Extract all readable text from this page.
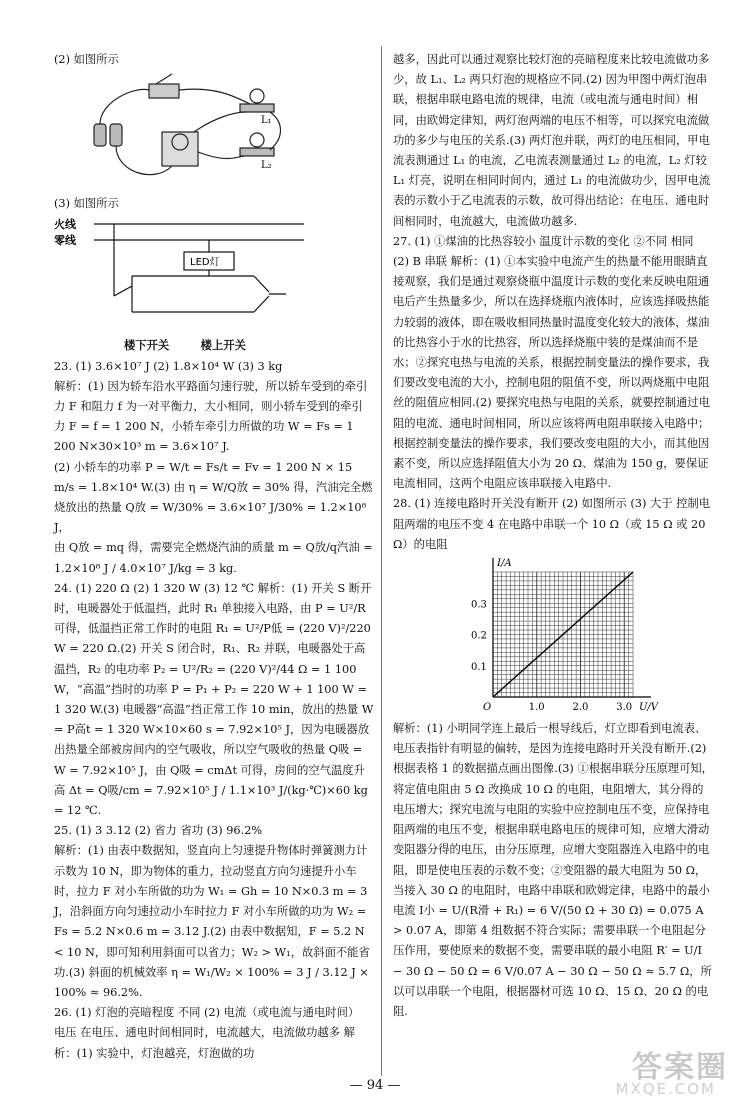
(2) 如图所示

L₁
L₂

(3) 如图所示

火线
零线
LED灯

楼下开关	楼上开关

23. (1) 3.6×10⁷ J (2) 1.8×10⁴ W (3) 3 kg

解析：(1) 因为轿车沿水平路面匀速行驶，所以轿车受到的牵引力 F 和阻力 f 为一对平衡力，大小相同，则小轿车受到的牵引力 F = f = 1 200 N，小轿车牵引力所做的功 W = Fs = 1 200 N×30×10³ m = 3.6×10⁷ J.

(2) 小轿车的功率 P = W/t = Fs/t = Fv = 1 200 N × 15 m/s = 1.8×10⁴ W.(3) 由 η = W/Q放 = 30% 得，汽油完全燃烧放出的热量 Q放 = W/30% = 3.6×10⁷ J/30% = 1.2×10⁸ J，

由 Q放 = mq 得，需要完全燃烧汽油的质量 m = Q放/q汽油 = 1.2×10⁸ J / 4.0×10⁷ J/kg = 3 kg.

24. (1) 220 Ω (2) 1 320 W (3) 12 ℃ 解析：(1) 开关 S 断开时，电暖器处于低温挡，此时 R₁ 单独接入电路，由 P = U²/R 可得，低温挡正常工作时的电阻 R₁ = U²/P低 = (220 V)²/220 W = 220 Ω.(2) 开关 S 闭合时，R₁、R₂ 并联，电暖器处于高温挡，R₂ 的电功率 P₂ = U²/R₂ = (220 V)²/44 Ω = 1 100 W，“高温”挡时的功率 P = P₁ + P₂ = 220 W + 1 100 W = 1 320 W.(3) 电暖器“高温”挡正常工作 10 min，放出的热量 W = P高t = 1 320 W×10×60 s = 7.92×10⁵ J，因为电暖器放出热量全部被房间内的空气吸收，所以空气吸收的热量 Q吸 = W = 7.92×10⁵ J，由 Q吸 = cmΔt 可得，房间的空气温度升高 Δt = Q吸/cm = 7.92×10⁵ J / 1.1×10³ J/(kg·℃)×60 kg = 12 ℃.

25. (1) 3 3.12 (2) 省力 省功 (3) 96.2%

解析：(1) 由表中数据知，竖直向上匀速提升物体时弹簧测力计示数为 10 N，即为物体的重力，拉动竖直方向匀速提升小车时，拉力 F 对小车所做的功为 W₁ = Gh = 10 N×0.3 m = 3 J，沿斜面方向匀速拉动小车时拉力 F 对小车所做的功为 W₂ = Fs = 5.2 N×0.6 m = 3.12 J.(2) 由表中数据知，F = 5.2 N < 10 N，即可知利用斜面可以省力；W₂ > W₁，故斜面不能省功.(3) 斜面的机械效率 η = W₁/W₂ × 100% = 3 J / 3.12 J × 100% ≈ 96.2%.

26. (1) 灯泡的亮暗程度 不同 (2) 电流（或电流与通电时间） 电压 在电压、通电时间相同时，电流越大，电流做功越多 解析：(1) 实验中，灯泡越亮，灯泡做的功

越多，因此可以通过观察比较灯泡的亮暗程度来比较电流做功多少，故 L₁、L₂ 两只灯泡的规格应不同.(2) 因为甲图中两灯泡串联，根据串联电路电流的规律，电流（或电流与通电时间）相同，由欧姆定律知，两灯泡两端的电压不相等，可以探究电流做功的多少与电压的关系.(3) 两灯泡并联，两灯的电压相同，甲电流表测通过 L₁ 的电流，乙电流表测量通过 L₂ 的电流，L₂ 灯较 L₁ 灯亮，说明在相同时间内，通过 L₁ 的电流做功少，因甲电流表的示数小于乙电流表的示数，故可得出结论：在电压、通电时间相同时，电流越大，电流做功越多.

27. (1) ①煤油的比热容较小 温度计示数的变化 ②不同 相同 (2) B 串联 解析：(1) ①本实验中电流产生的热量不能用眼睛直接观察，我们是通过观察烧瓶中温度计示数的变化来反映电阻通电后产生热量多少，所以在选择烧瓶内液体时，应该选择吸热能力较弱的液体，即在吸收相同热量时温度变化较大的液体，煤油的比热容小于水的比热容，所以选择烧瓶中装的是煤油而不是水；②探究电热与电流的关系，根据控制变量法的操作要求，我们要改变电流的大小，控制电阻的阻值不变，所以两烧瓶中电阻丝的阻值应相同.(2) 要探究电热与电阻的关系，就要控制通过电阻的电流、通电时间相同，所以应该将两电阻串联接入电路中；根据控制变量法的操作要求，我们要改变电阻的大小，而其他因素不变，所以应选择阻值大小为 20 Ω、煤油为 150 g，要保证电流相同，这两个电阻应该串联接入电路中.

28. (1) 连接电路时开关没有断开 (2) 如图所示 (3) 大于 控制电阻两端的电压不变 4 在电路中串联一个 10 Ω（或 15 Ω 或 20 Ω）的电阻

1.0	2.0	3.0
0.1
0.2
0.3
O	U/V
I/A

解析：(1) 小明同学连上最后一根导线后，灯立即看到电流表、电压表指针有明显的偏转，是因为连接电路时开关没有断开.(2) 根据表格 1 的数据描点画出图像.(3) ①根据串联分压原理可知，将定值电阻由 5 Ω 改换成 10 Ω 的电阻，电阻增大，其分得的电压增大；探究电流与电阻的实验中应控制电压不变，应保持电阻两端的电压不变，根据串联电路电压的规律可知，应增大滑动变阻器分得的电压，由分压原理，应增大变阻器连入电路中的电阻，即是使电压表的示数不变；②变阻器的最大电阻为 50 Ω，当接入 30 Ω 的电阻时，电路中串联和欧姆定律，电路中的最小电流 I小 = U/(R滑 + R₁) = 6 V/(50 Ω + 30 Ω) = 0.075 A > 0.07 A，即第 4 组数据不符合实际；需要串联一个电阻起分压作用，要使原来的数据不变，需要串联的最小电阻 R′ = U/I − 30 Ω − 50 Ω = 6 V/0.07 A − 30 Ω − 50 Ω ≈ 5.7 Ω，所以可以串联一个电阻，根据器材可选 10 Ω、15 Ω、20 Ω 的电阻.

— 94 —
答案圈
MXQE.COM
